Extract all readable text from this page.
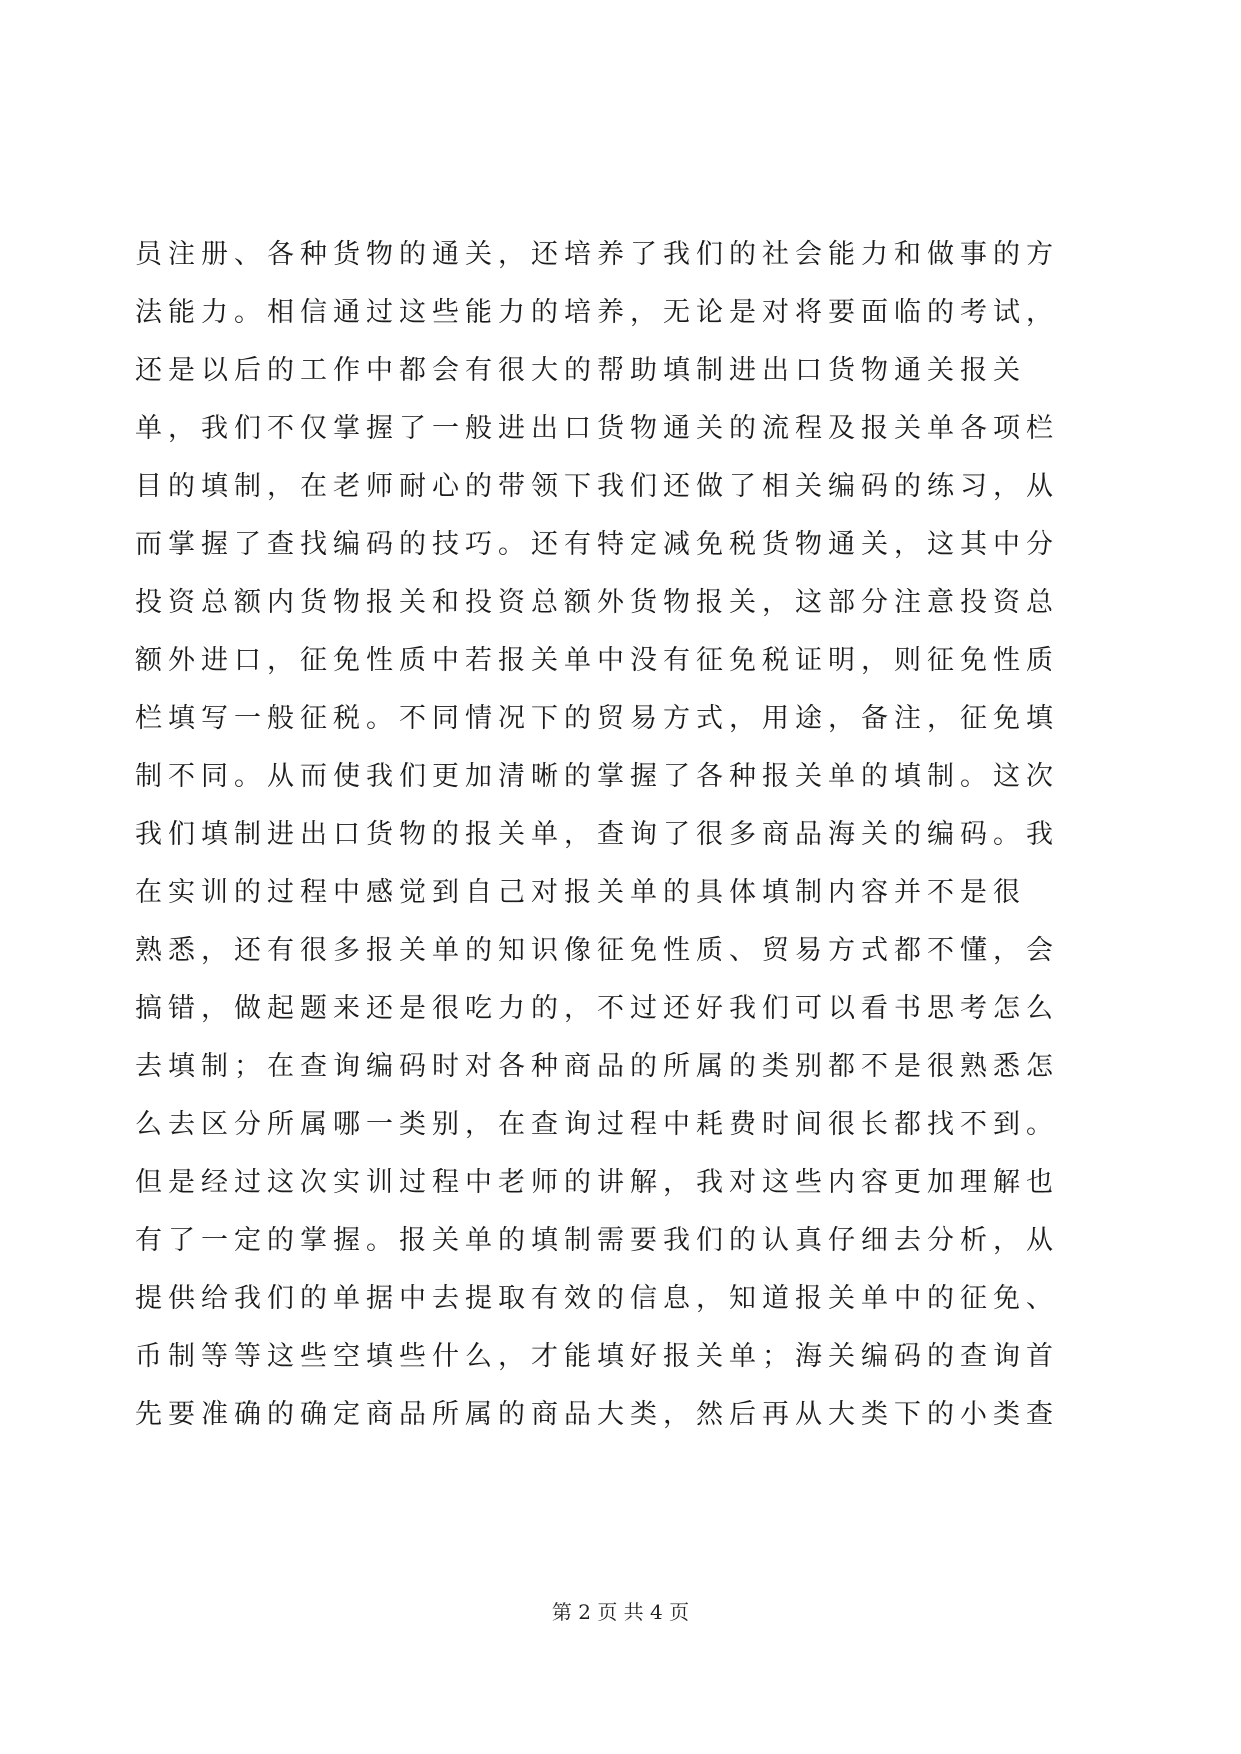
员注册、各种货物的通关，还培养了我们的社会能力和做事的方
法能力。相信通过这些能力的培养，无论是对将要面临的考试，
还是以后的工作中都会有很大的帮助填制进出口货物通关报关
单，我们不仅掌握了一般进出口货物通关的流程及报关单各项栏
目的填制，在老师耐心的带领下我们还做了相关编码的练习，从
而掌握了查找编码的技巧。还有特定减免税货物通关，这其中分
投资总额内货物报关和投资总额外货物报关，这部分注意投资总
额外进口，征免性质中若报关单中没有征免税证明，则征免性质
栏填写一般征税。不同情况下的贸易方式，用途，备注，征免填
制不同。从而使我们更加清晰的掌握了各种报关单的填制。这次
我们填制进出口货物的报关单，查询了很多商品海关的编码。我
在实训的过程中感觉到自己对报关单的具体填制内容并不是很
熟悉，还有很多报关单的知识像征免性质、贸易方式都不懂，会
搞错，做起题来还是很吃力的，不过还好我们可以看书思考怎么
去填制；在查询编码时对各种商品的所属的类别都不是很熟悉怎
么去区分所属哪一类别，在查询过程中耗费时间很长都找不到。
但是经过这次实训过程中老师的讲解，我对这些内容更加理解也
有了一定的掌握。报关单的填制需要我们的认真仔细去分析，从
提供给我们的单据中去提取有效的信息，知道报关单中的征免、
币制等等这些空填些什么，才能填好报关单；海关编码的查询首
先要准确的确定商品所属的商品大类，然后再从大类下的小类查
第 2 页 共 4 页
